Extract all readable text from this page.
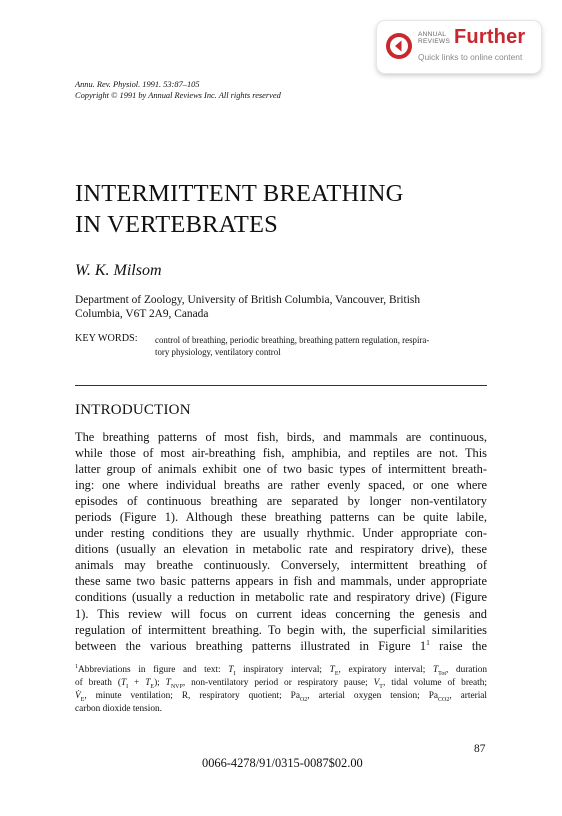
ANNUAL
REVIEWS Further
Quick links to online content
Annu. Rev. Physiol. 1991. 53:87–105
Copyright © 1991 by Annual Reviews Inc. All rights reserved
INTERMITTENT BREATHING
IN VERTEBRATES
W. K. Milsom
Department of Zoology, University of British Columbia, Vancouver, British
Columbia, V6T 2A9, Canada
KEY WORDS: control of breathing, periodic breathing, breathing pattern regulation, respira-
tory physiology, ventilatory control
INTRODUCTION
The breathing patterns of most fish, birds, and mammals are continuous,
while those of most air-breathing fish, amphibia, and reptiles are not. This
latter group of animals exhibit one of two basic types of intermittent breath-
ing: one where individual breaths are rather evenly spaced, or one where
episodes of continuous breathing are separated by longer non-ventilatory
periods (Figure 1). Although these breathing patterns can be quite labile,
under resting conditions they are usually rhythmic. Under appropriate con-
ditions (usually an elevation in metabolic rate and respiratory drive), these
animals may breathe continuously. Conversely, intermittent breathing of
these same two basic patterns appears in fish and mammals, under appropriate
conditions (usually a reduction in metabolic rate and respiratory drive) (Figure
1). This review will focus on current ideas concerning the genesis and
regulation of intermittent breathing. To begin with, the superficial similarities
between the various breathing patterns illustrated in Figure $1^1$ raise the
$^1$Abbreviations in figure and text: $T_I$ inspiratory interval; $T_E$, expiratory interval; $T_{Tot}$, duration
of breath $(T_I + T_E)$; $T_{NVP}$, non-ventilatory period or respiratory pause; $V_T$, tidal volume of breath;
$V̇_E$, minute ventilation; R, respiratory quotient; $Pa_{O2}$, arterial oxygen tension; $Pa_{CO2}$, arterial
carbon dioxide tension.
87
0066-4278/91/0315-0087$02.00
